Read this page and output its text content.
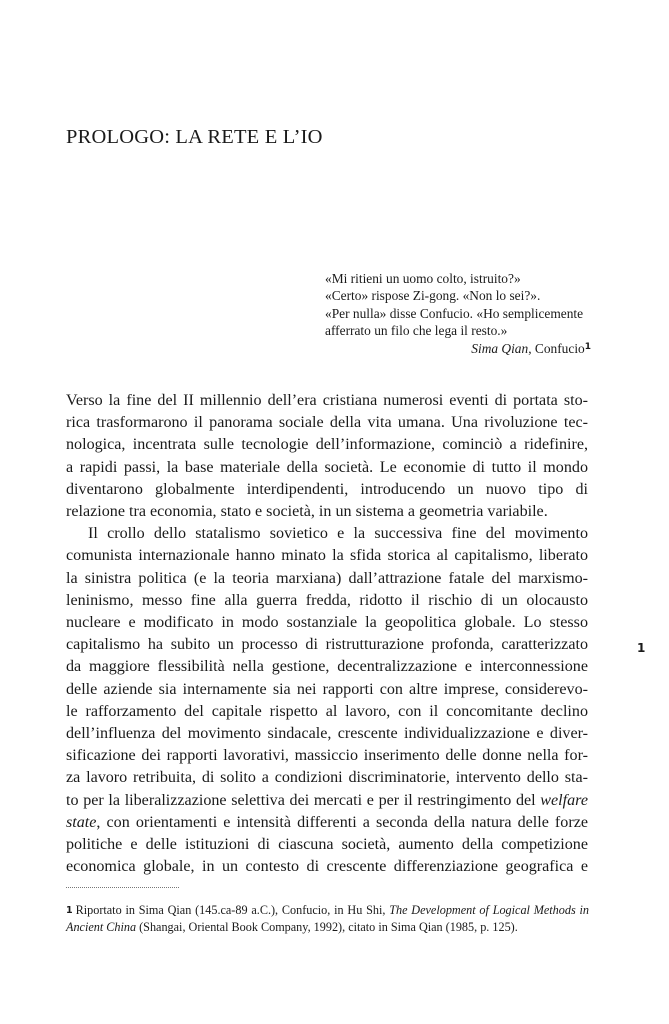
PROLOGO: LA RETE E L’IO
«Mi ritieni un uomo colto, istruito?»
«Certo» rispose Zi-gong. «Non lo sei?».
«Per nulla» disse Confucio. «Ho semplicemente
afferrato un filo che lega il resto.»
Sima Qian, Confucio$^1$
Verso la fine del II millennio dell’era cristiana numerosi eventi di portata sto-
rica trasformarono il panorama sociale della vita umana. Una rivoluzione tec-
nologica, incentrata sulle tecnologie dell’informazione, cominciò a ridefinire,
a rapidi passi, la base materiale della società. Le economie di tutto il mondo
diventarono globalmente interdipendenti, introducendo un nuovo tipo di
relazione tra economia, stato e società, in un sistema a geometria variabile.
Il crollo dello statalismo sovietico e la successiva fine del movimento
comunista internazionale hanno minato la sfida storica al capitalismo, liberato
la sinistra politica (e la teoria marxiana) dall’attrazione fatale del marxismo-
leninismo, messo fine alla guerra fredda, ridotto il rischio di un olocausto
nucleare e modificato in modo sostanziale la geopolitica globale. Lo stesso
capitalismo ha subito un processo di ristrutturazione profonda, caratterizzato
da maggiore flessibilità nella gestione, decentralizzazione e interconnessione
delle aziende sia internamente sia nei rapporti con altre imprese, considerevo-
le rafforzamento del capitale rispetto al lavoro, con il concomitante declino
dell’influenza del movimento sindacale, crescente individualizzazione e diver-
sificazione dei rapporti lavorativi, massiccio inserimento delle donne nella for-
za lavoro retribuita, di solito a condizioni discriminatorie, intervento dello sta-
to per la liberalizzazione selettiva dei mercati e per il restringimento del welfare
state, con orientamenti e intensità differenti a seconda della natura delle forze
politiche e delle istituzioni di ciascuna società, aumento della competizione
economica globale, in un contesto di crescente differenziazione geografica e
1
1 Riportato in Sima Qian (145.ca-89 a.C.), Confucio, in Hu Shi, The Development of Logical Methods in
Ancient China (Shangai, Oriental Book Company, 1992), citato in Sima Qian (1985, p. 125).
